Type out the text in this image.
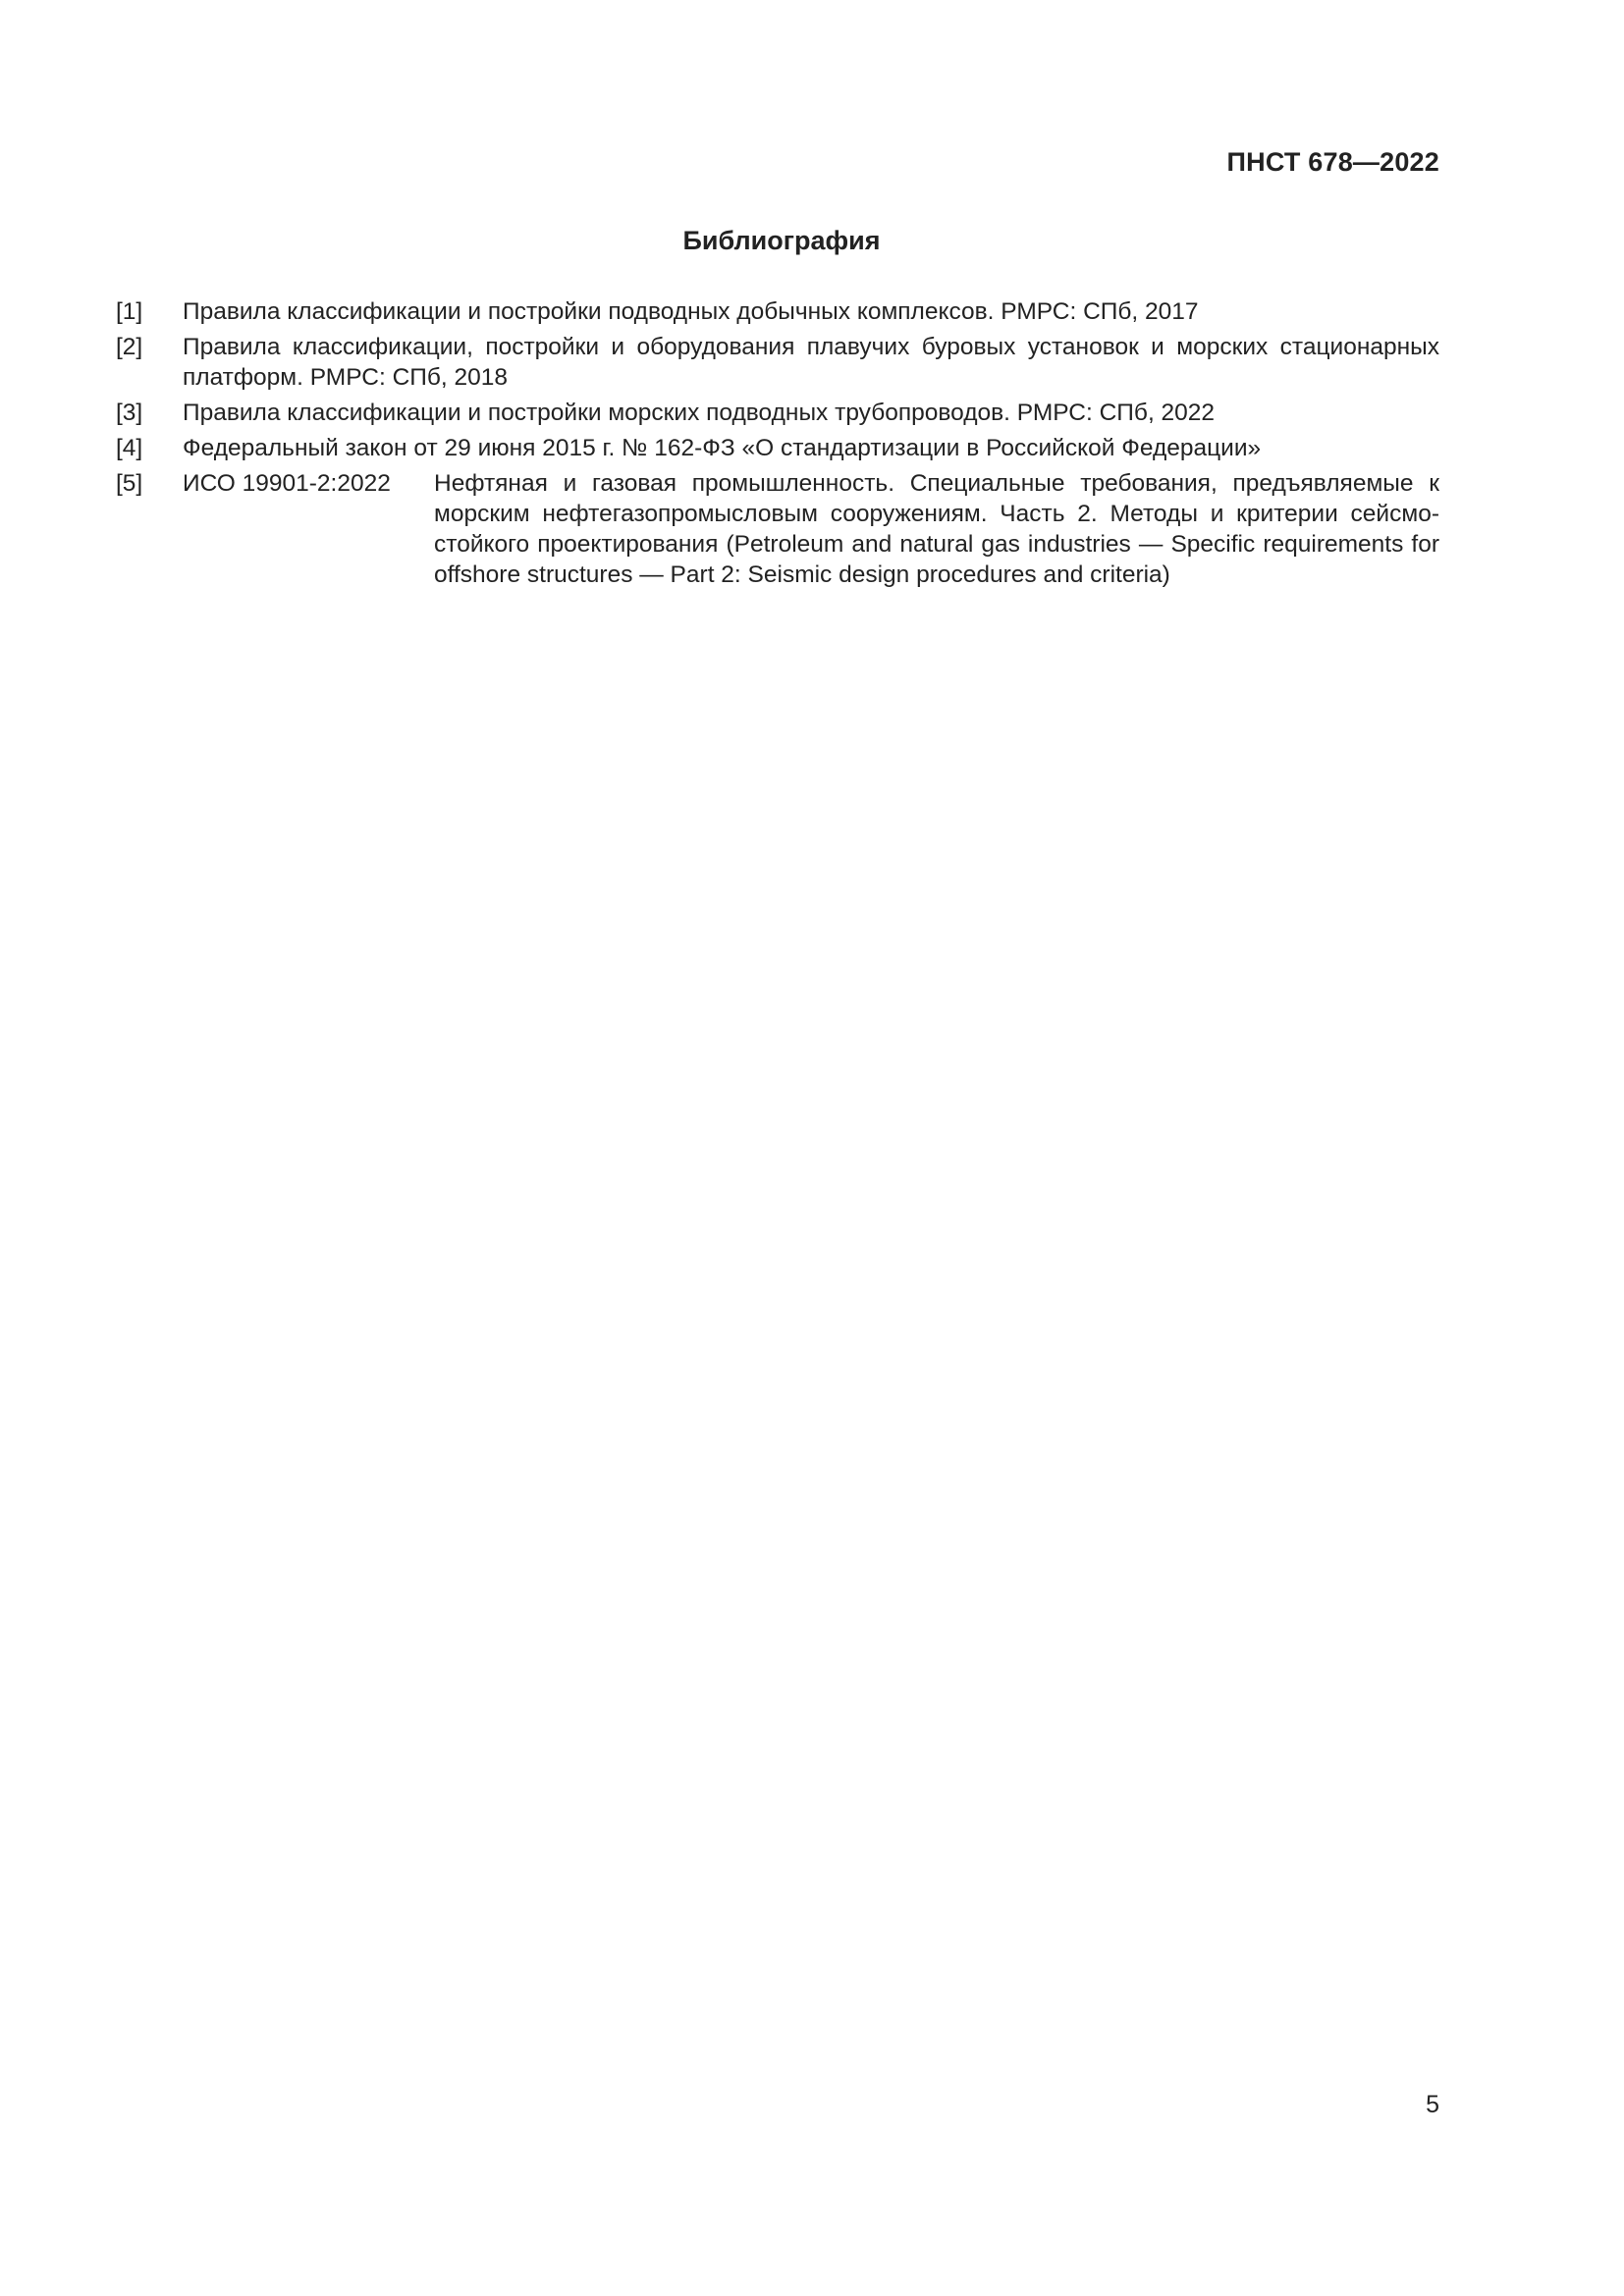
ПНСТ 678—2022
Библиография
[1]	Правила классификации и постройки подводных добычных комплексов. РМРС: СПб, 2017
[2]	Правила классификации, постройки и оборудования плавучих буровых установок и морских стационарных платформ. РМРС: СПб, 2018
[3]	Правила классификации и постройки морских подводных трубопроводов. РМРС: СПб, 2022
[4]	Федеральный закон от 29 июня 2015 г. № 162-ФЗ «О стандартизации в Российской Федерации»
[5]	ИСО 19901-2:2022	Нефтяная и газовая промышленность. Специальные требования, предъявляемые к морским нефтегазопромысловым сооружениям. Часть 2. Методы и критерии сейсмо-стойкого проектирования (Petroleum and natural gas industries — Specific requirements for offshore structures — Part 2: Seismic design procedures and criteria)
5
